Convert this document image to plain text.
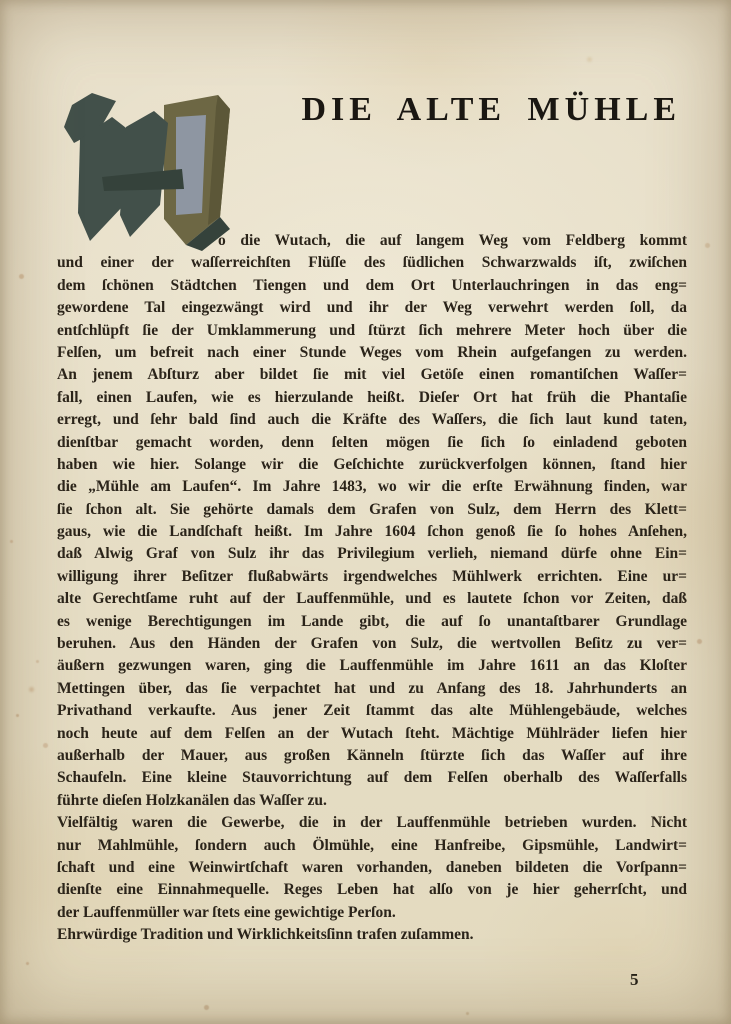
DIE ALTE MÜHLE
o die Wutach, die auf langem Weg vom Feldberg kommt
und einer der waſſerreichſten Flüſſe des ſüdlichen Schwarzwalds iſt, zwiſchen
dem ſchönen Städtchen Tiengen und dem Ort Unterlauchringen in das eng=
gewordene Tal eingezwängt wird und ihr der Weg verwehrt werden ſoll, da
entſchlüpft ſie der Umklammerung und ſtürzt ſich mehrere Meter hoch über die
Felſen, um befreit nach einer Stunde Weges vom Rhein aufgefangen zu werden.
An jenem Abſturz aber bildet ſie mit viel Getöſe einen romantiſchen Waſſer=
fall, einen Laufen, wie es hierzulande heißt. Dieſer Ort hat früh die Phantaſie
erregt, und ſehr bald ſind auch die Kräfte des Waſſers, die ſich laut kund taten,
dienſtbar gemacht worden, denn ſelten mögen ſie ſich ſo einladend geboten
haben wie hier. Solange wir die Geſchichte zurückverfolgen können, ſtand hier
die „Mühle am Laufen“. Im Jahre 1483, wo wir die erſte Erwähnung finden, war
ſie ſchon alt. Sie gehörte damals dem Grafen von Sulz, dem Herrn des Klett=
gaus, wie die Landſchaft heißt. Im Jahre 1604 ſchon genoß ſie ſo hohes Anſehen,
daß Alwig Graf von Sulz ihr das Privilegium verlieh, niemand dürfe ohne Ein=
willigung ihrer Beſitzer flußabwärts irgendwelches Mühlwerk errichten. Eine ur=
alte Gerechtſame ruht auf der Lauffenmühle, und es lautete ſchon vor Zeiten, daß
es wenige Berechtigungen im Lande gibt, die auf ſo unantaſtbarer Grundlage
beruhen. Aus den Händen der Grafen von Sulz, die wertvollen Beſitz zu ver=
äußern gezwungen waren, ging die Lauffenmühle im Jahre 1611 an das Kloſter
Mettingen über, das ſie verpachtet hat und zu Anfang des 18. Jahrhunderts an
Privathand verkaufte. Aus jener Zeit ſtammt das alte Mühlengebäude, welches
noch heute auf dem Felſen an der Wutach ſteht. Mächtige Mühlräder liefen hier
außerhalb der Mauer, aus großen Känneln ſtürzte ſich das Waſſer auf ihre
Schaufeln. Eine kleine Stauvorrichtung auf dem Felſen oberhalb des Waſſerfalls
führte dieſen Holzkanälen das Waſſer zu.
Vielfältig waren die Gewerbe, die in der Lauffenmühle betrieben wurden. Nicht
nur Mahlmühle, ſondern auch Ölmühle, eine Hanfreibe, Gipsmühle, Landwirt=
ſchaft und eine Weinwirtſchaft waren vorhanden, daneben bildeten die Vorſpann=
dienſte eine Einnahmequelle. Reges Leben hat alſo von je hier geherrſcht, und
der Lauffenmüller war ſtets eine gewichtige Perſon.
Ehrwürdige Tradition und Wirklichkeitsſinn trafen zuſammen.
5
